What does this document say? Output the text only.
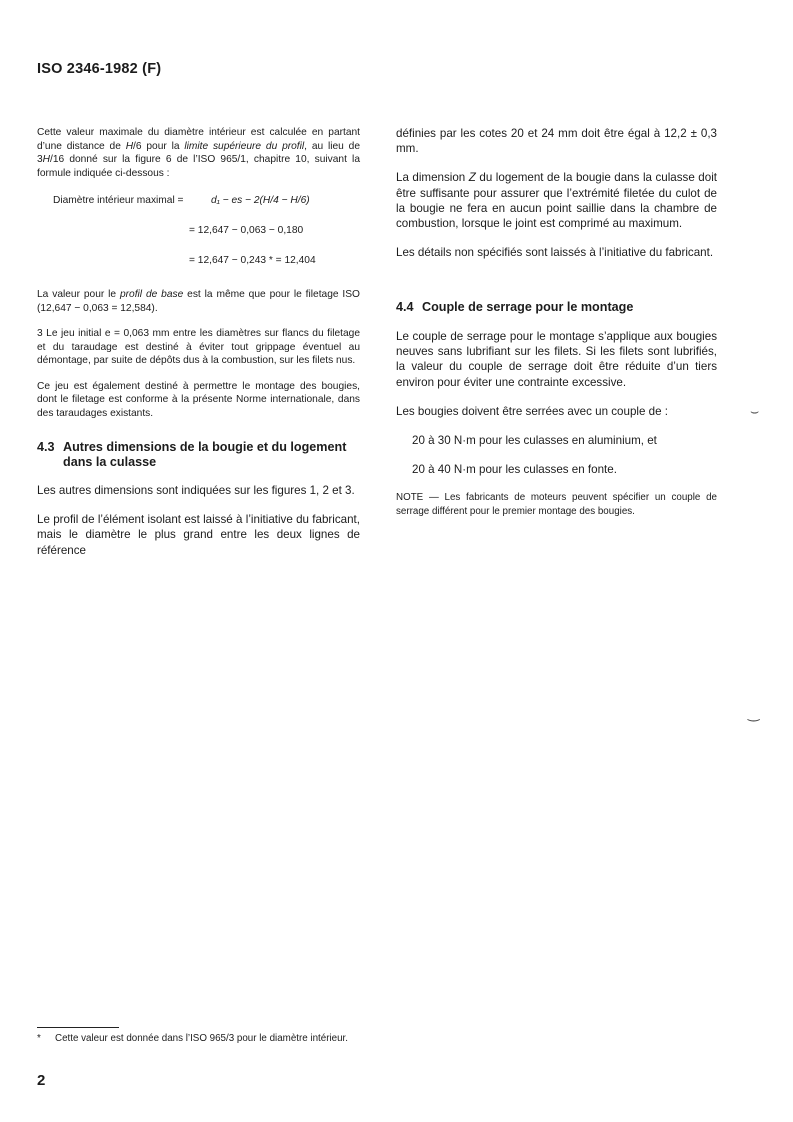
ISO 2346-1982 (F)

Cette valeur maximale du diamètre intérieur est calculée en partant d’une distance de H/6 pour la limite supérieure du profil, au lieu de 3H/16 donné sur la figure 6 de l’ISO 965/1, chapitre 10, suivant la formule indiquée ci-dessous :

Diamètre intérieur maximal =	d₁ − es − 2(H/4 − H/6)
= 12,647 − 0,063 − 0,180
= 12,647 − 0,243 * = 12,404

La valeur pour le profil de base est la même que pour le filetage ISO (12,647 − 0,063 = 12,584).

3 Le jeu initial e = 0,063 mm entre les diamètres sur flancs du filetage et du taraudage est destiné à éviter tout grippage éventuel au démontage, par suite de dépôts dus à la combustion, sur les filets nus.

Ce jeu est également destiné à permettre le montage des bougies, dont le filetage est conforme à la présente Norme internationale, dans des taraudages existants.

4.3 Autres dimensions de la bougie et du logement dans la culasse

Les autres dimensions sont indiquées sur les figures 1, 2 et 3.

Le profil de l’élément isolant est laissé à l’initiative du fabricant, mais le diamètre le plus grand entre les deux lignes de référence

définies par les cotes 20 et 24 mm doit être égal à 12,2 ± 0,3 mm.

La dimension Z du logement de la bougie dans la culasse doit être suffisante pour assurer que l’extrémité filetée du culot de la bougie ne fera en aucun point saillie dans la chambre de combustion, lorsque le joint est comprimé au maximum.

Les détails non spécifiés sont laissés à l’initiative du fabricant.

4.4 Couple de serrage pour le montage

Le couple de serrage pour le montage s’applique aux bougies neuves sans lubrifiant sur les filets. Si les filets sont lubrifiés, la valeur du couple de serrage doit être réduite d’un tiers environ pour éviter une contrainte excessive.

Les bougies doivent être serrées avec un couple de :

20 à 30 N·m pour les culasses en aluminium, et

20 à 40 N·m pour les culasses en fonte.

NOTE — Les fabricants de moteurs peuvent spécifier un couple de serrage différent pour le premier montage des bougies.

⌣
‿
* Cette valeur est donnée dans l’ISO 965/3 pour le diamètre intérieur.
2
